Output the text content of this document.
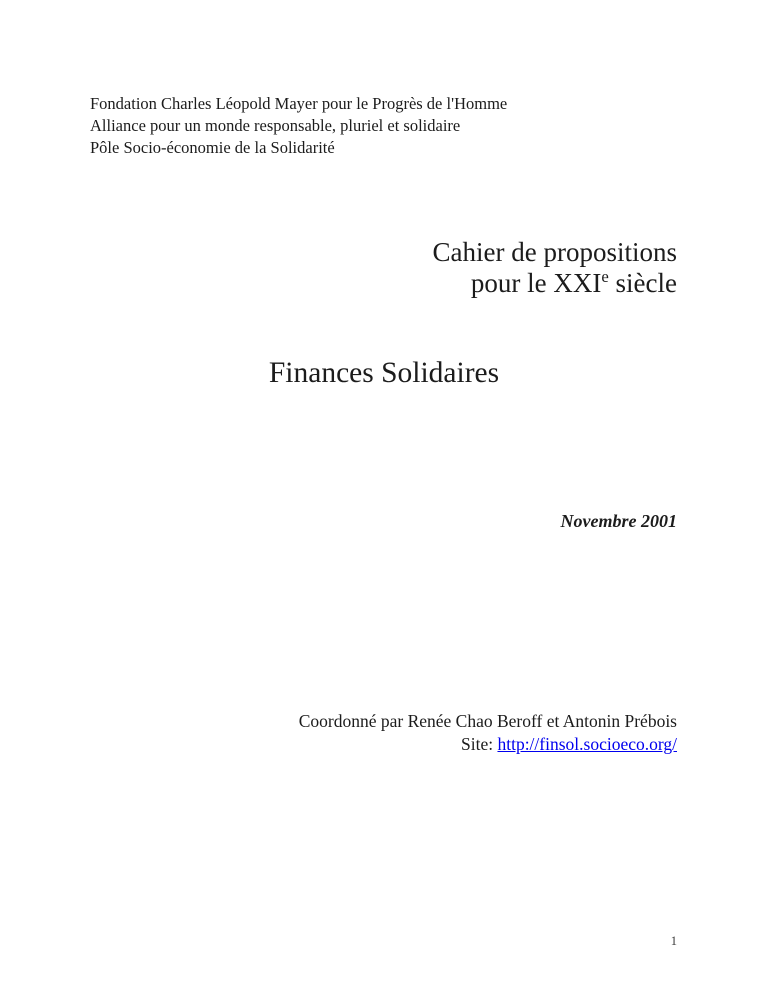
Fondation Charles Léopold Mayer pour le Progrès de l'Homme
Alliance pour un monde responsable, pluriel et solidaire
Pôle Socio-économie de la Solidarité
Cahier de propositions
pour le XXIe siècle
Finances Solidaires
Novembre 2001
Coordonné par Renée Chao Beroff et Antonin Prébois
Site: http://finsol.socioeco.org/
1
